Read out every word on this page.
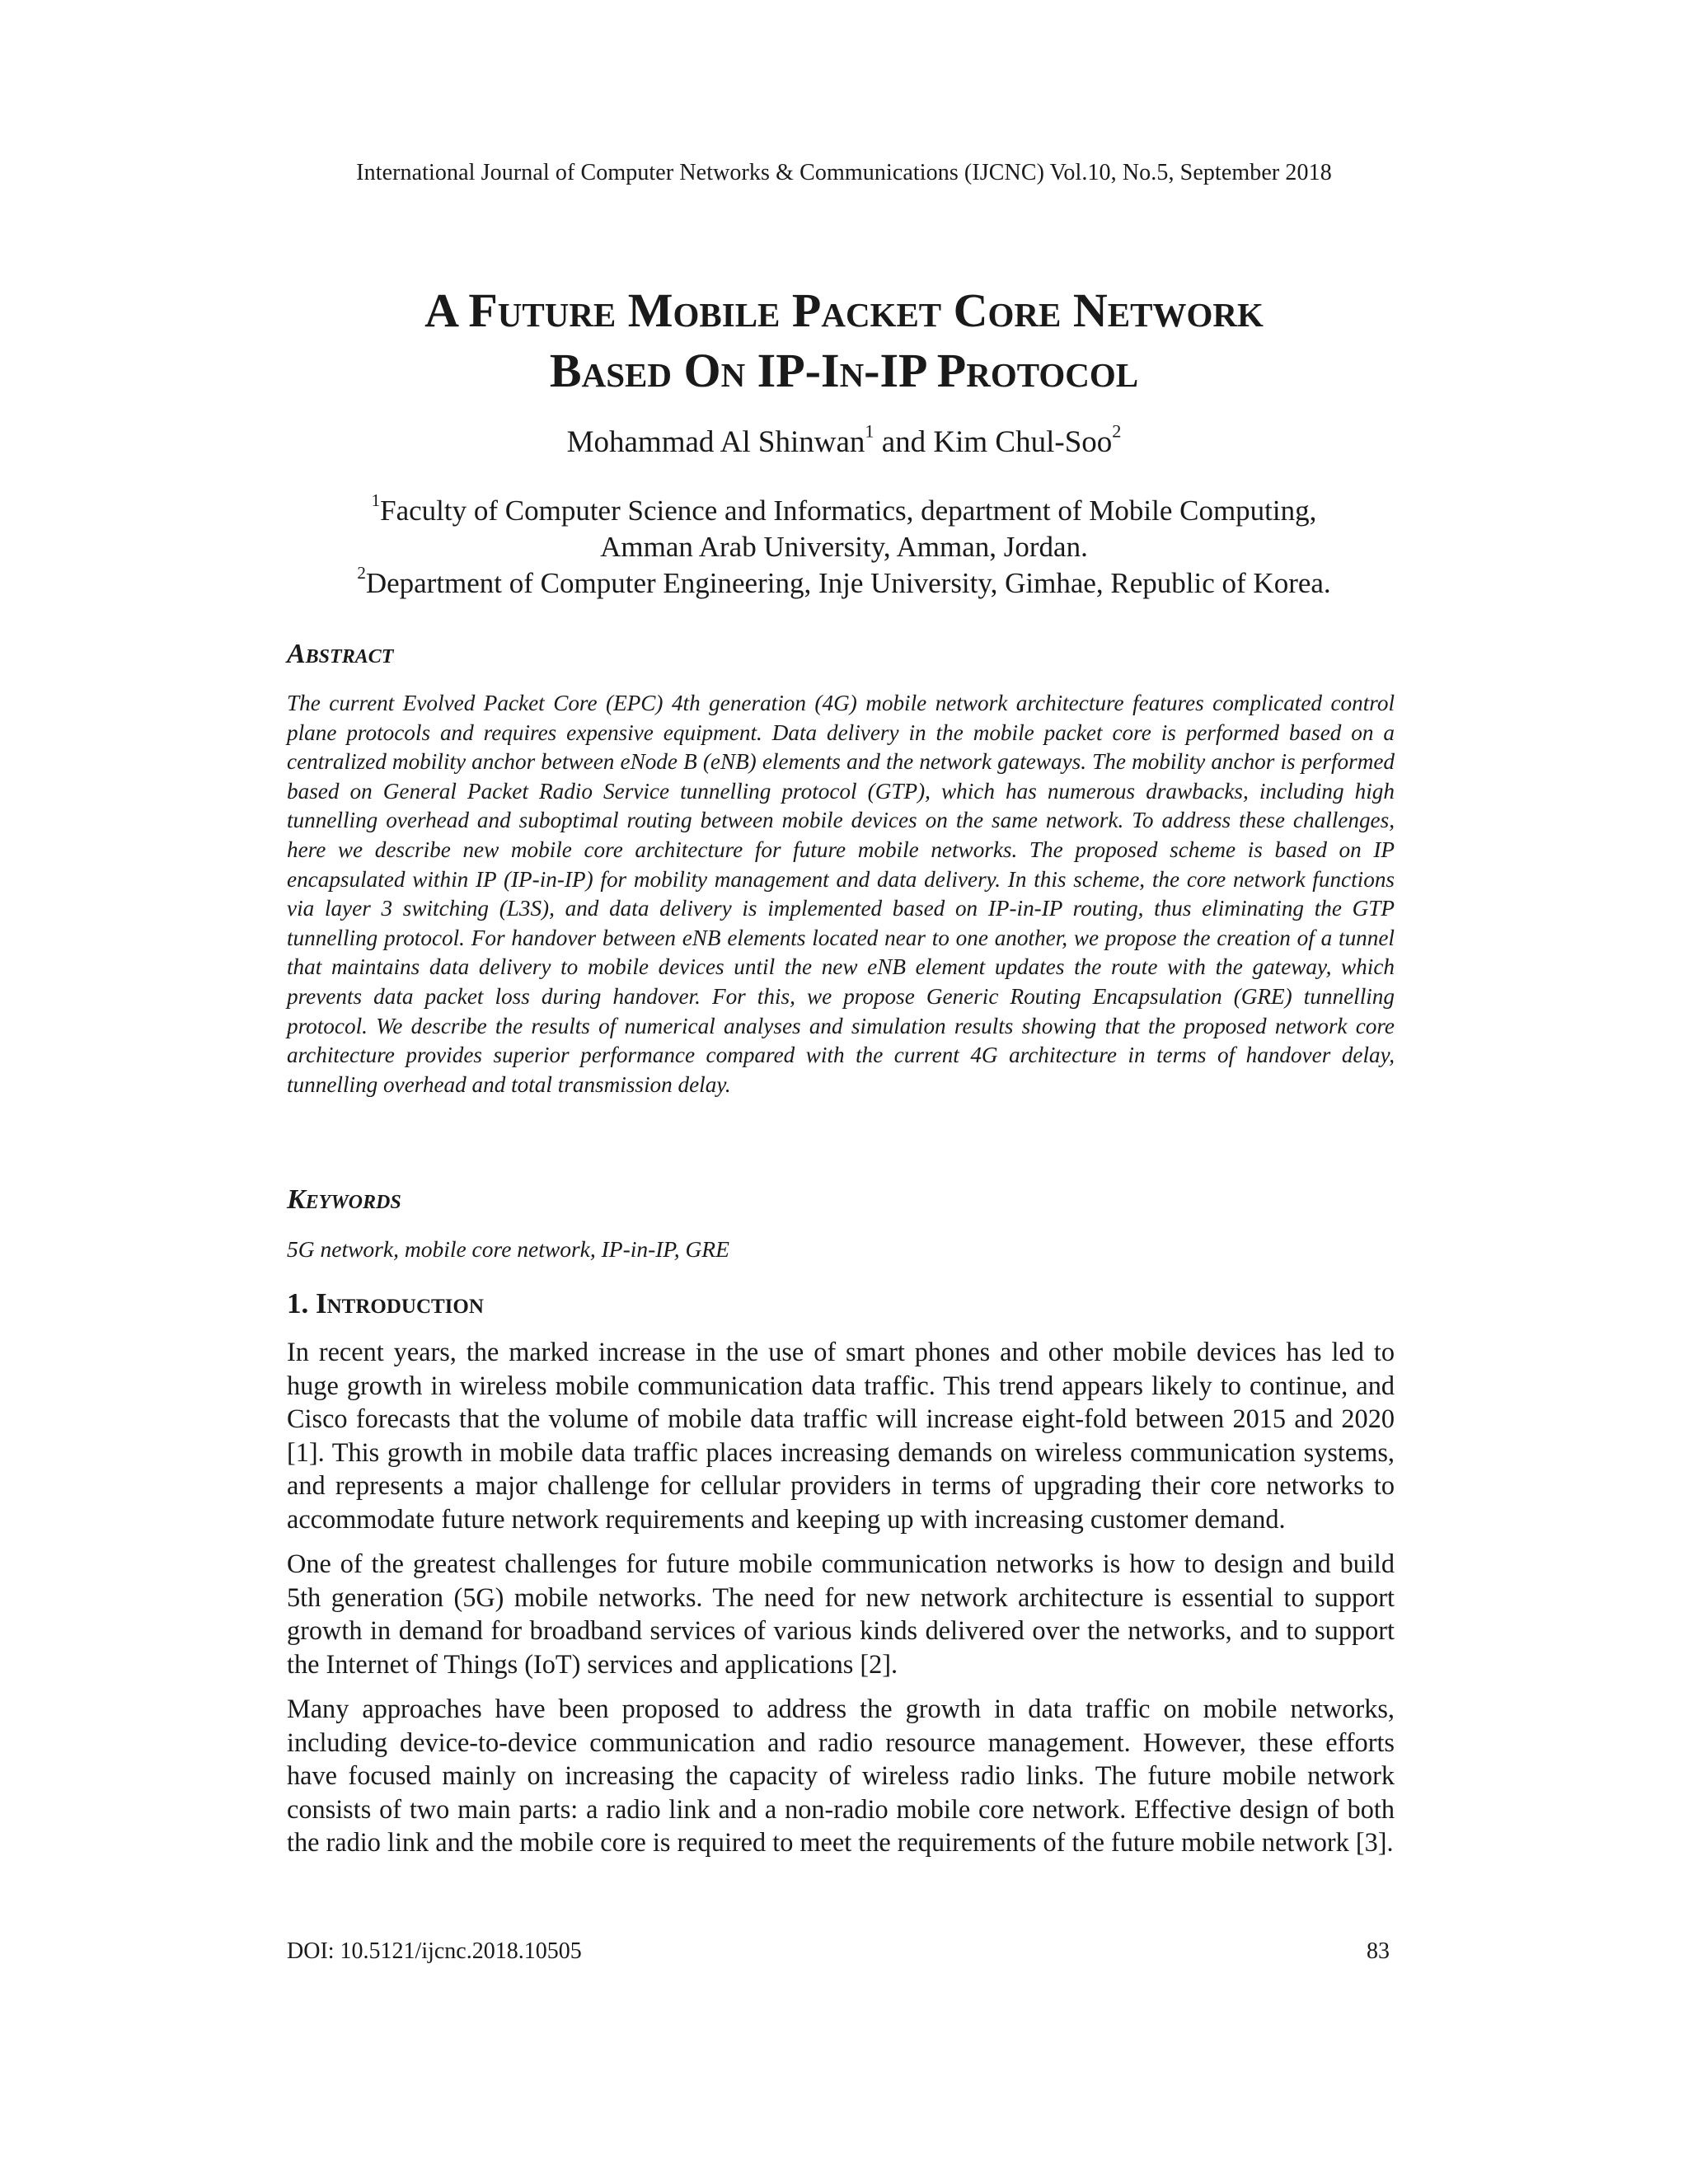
International Journal of Computer Networks & Communications (IJCNC) Vol.10, No.5, September 2018
A Future Mobile Packet Core Network
Based On IP-In-IP Protocol
Mohammad Al Shinwan$^1$ and Kim Chul-Soo$^2$
$^1$Faculty of Computer Science and Informatics, department of Mobile Computing,
Amman Arab University, Amman, Jordan.
$^2$Department of Computer Engineering, Inje University, Gimhae, Republic of Korea.
Abstract
The current Evolved Packet Core (EPC) 4th generation (4G) mobile network architecture features complicated control plane protocols and requires expensive equipment. Data delivery in the mobile packet core is performed based on a centralized mobility anchor between eNode B (eNB) elements and the network gateways. The mobility anchor is performed based on General Packet Radio Service tunnelling protocol (GTP), which has numerous drawbacks, including high tunnelling overhead and suboptimal routing between mobile devices on the same network. To address these challenges, here we describe new mobile core architecture for future mobile networks. The proposed scheme is based on IP encapsulated within IP (IP-in-IP) for mobility management and data delivery. In this scheme, the core network functions via layer 3 switching (L3S), and data delivery is implemented based on IP-in-IP routing, thus eliminating the GTP tunnelling protocol. For handover between eNB elements located near to one another, we propose the creation of a tunnel that maintains data delivery to mobile devices until the new eNB element updates the route with the gateway, which prevents data packet loss during handover. For this, we propose Generic Routing Encapsulation (GRE) tunnelling protocol. We describe the results of numerical analyses and simulation results showing that the proposed network core architecture provides superior performance compared with the current 4G architecture in terms of handover delay, tunnelling overhead and total transmission delay.
Keywords
5G network, mobile core network, IP-in-IP, GRE
1. Introduction

In recent years, the marked increase in the use of smart phones and other mobile devices has led to huge growth in wireless mobile communication data traffic. This trend appears likely to continue, and Cisco forecasts that the volume of mobile data traffic will increase eight-fold between 2015 and 2020 [1]. This growth in mobile data traffic places increasing demands on wireless communication systems, and represents a major challenge for cellular providers in terms of upgrading their core networks to accommodate future network requirements and keeping up with increasing customer demand.

One of the greatest challenges for future mobile communication networks is how to design and build 5th generation (5G) mobile networks. The need for new network architecture is essential to support growth in demand for broadband services of various kinds delivered over the networks, and to support the Internet of Things (IoT) services and applications [2].

Many approaches have been proposed to address the growth in data traffic on mobile networks, including device-to-device communication and radio resource management. However, these efforts have focused mainly on increasing the capacity of wireless radio links. The future mobile network consists of two main parts: a radio link and a non-radio mobile core network. Effective design of both the radio link and the mobile core is required to meet the requirements of the future mobile network [3].

DOI: 10.5121/ijcnc.2018.10505	83
